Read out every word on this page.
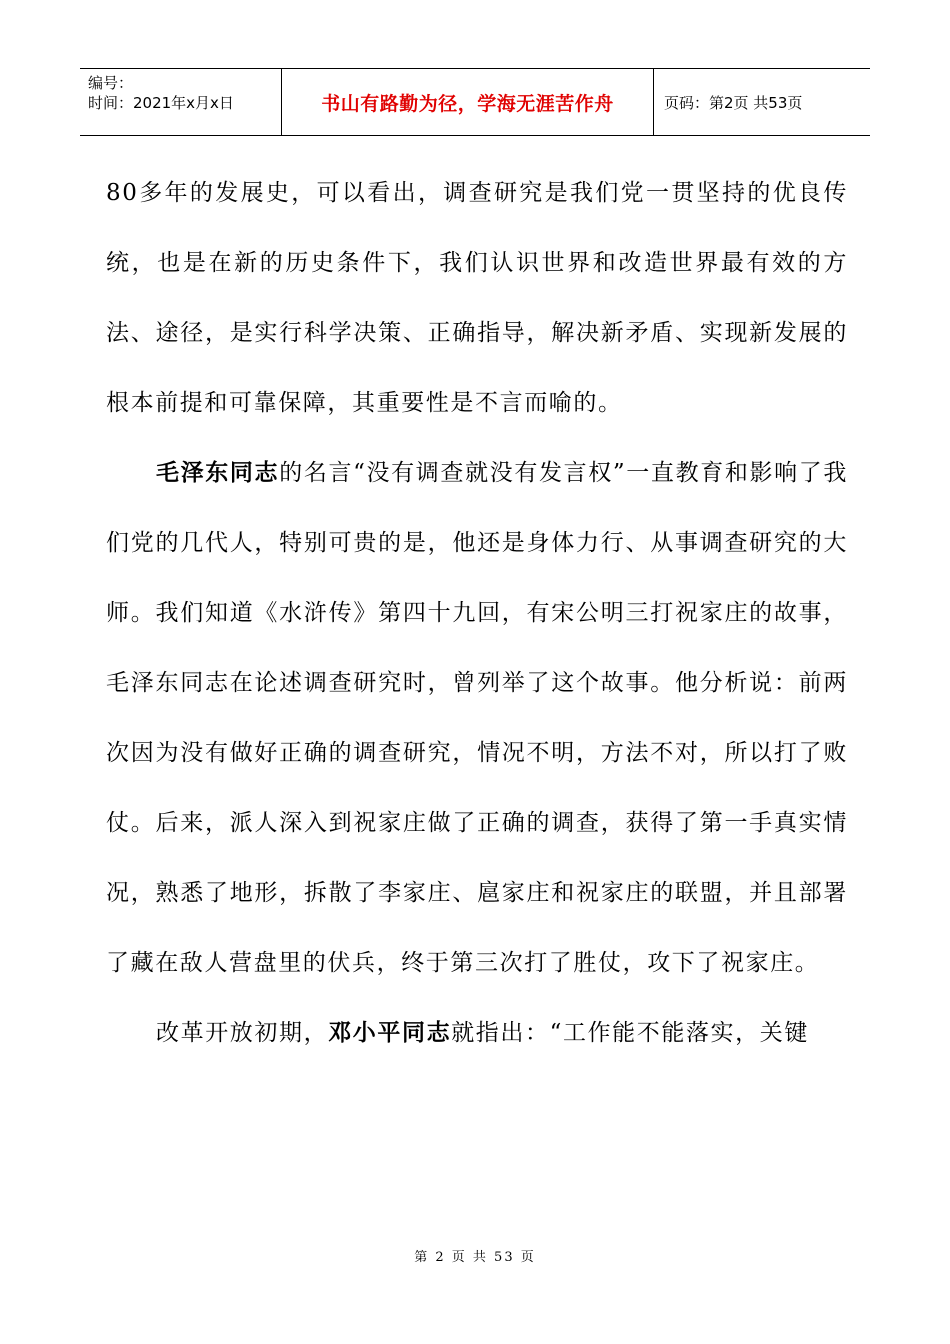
编号：
时间：2021年x月x日	书山有路勤为径，学海无涯苦作舟	页码：第2页 共53页

80多年的发展史，可以看出，调查研究是我们党一贯坚持的优良传统，也是在新的历史条件下，我们认识世界和改造世界最有效的方法、途径，是实行科学决策、正确指导，解决新矛盾、实现新发展的根本前提和可靠保障，其重要性是不言而喻的。

毛泽东同志的名言“没有调查就没有发言权”一直教育和影响了我们党的几代人，特别可贵的是，他还是身体力行、从事调查研究的大师。我们知道《水浒传》第四十九回，有宋公明三打祝家庄的故事，毛泽东同志在论述调查研究时，曾列举了这个故事。他分析说：前两次因为没有做好正确的调查研究，情况不明，方法不对，所以打了败仗。后来，派人深入到祝家庄做了正确的调查，获得了第一手真实情况，熟悉了地形，拆散了李家庄、扈家庄和祝家庄的联盟，并且部署了藏在敌人营盘里的伏兵，终于第三次打了胜仗，攻下了祝家庄。

改革开放初期，邓小平同志就指出：“工作能不能落实，关键

第 2 页 共 53 页
